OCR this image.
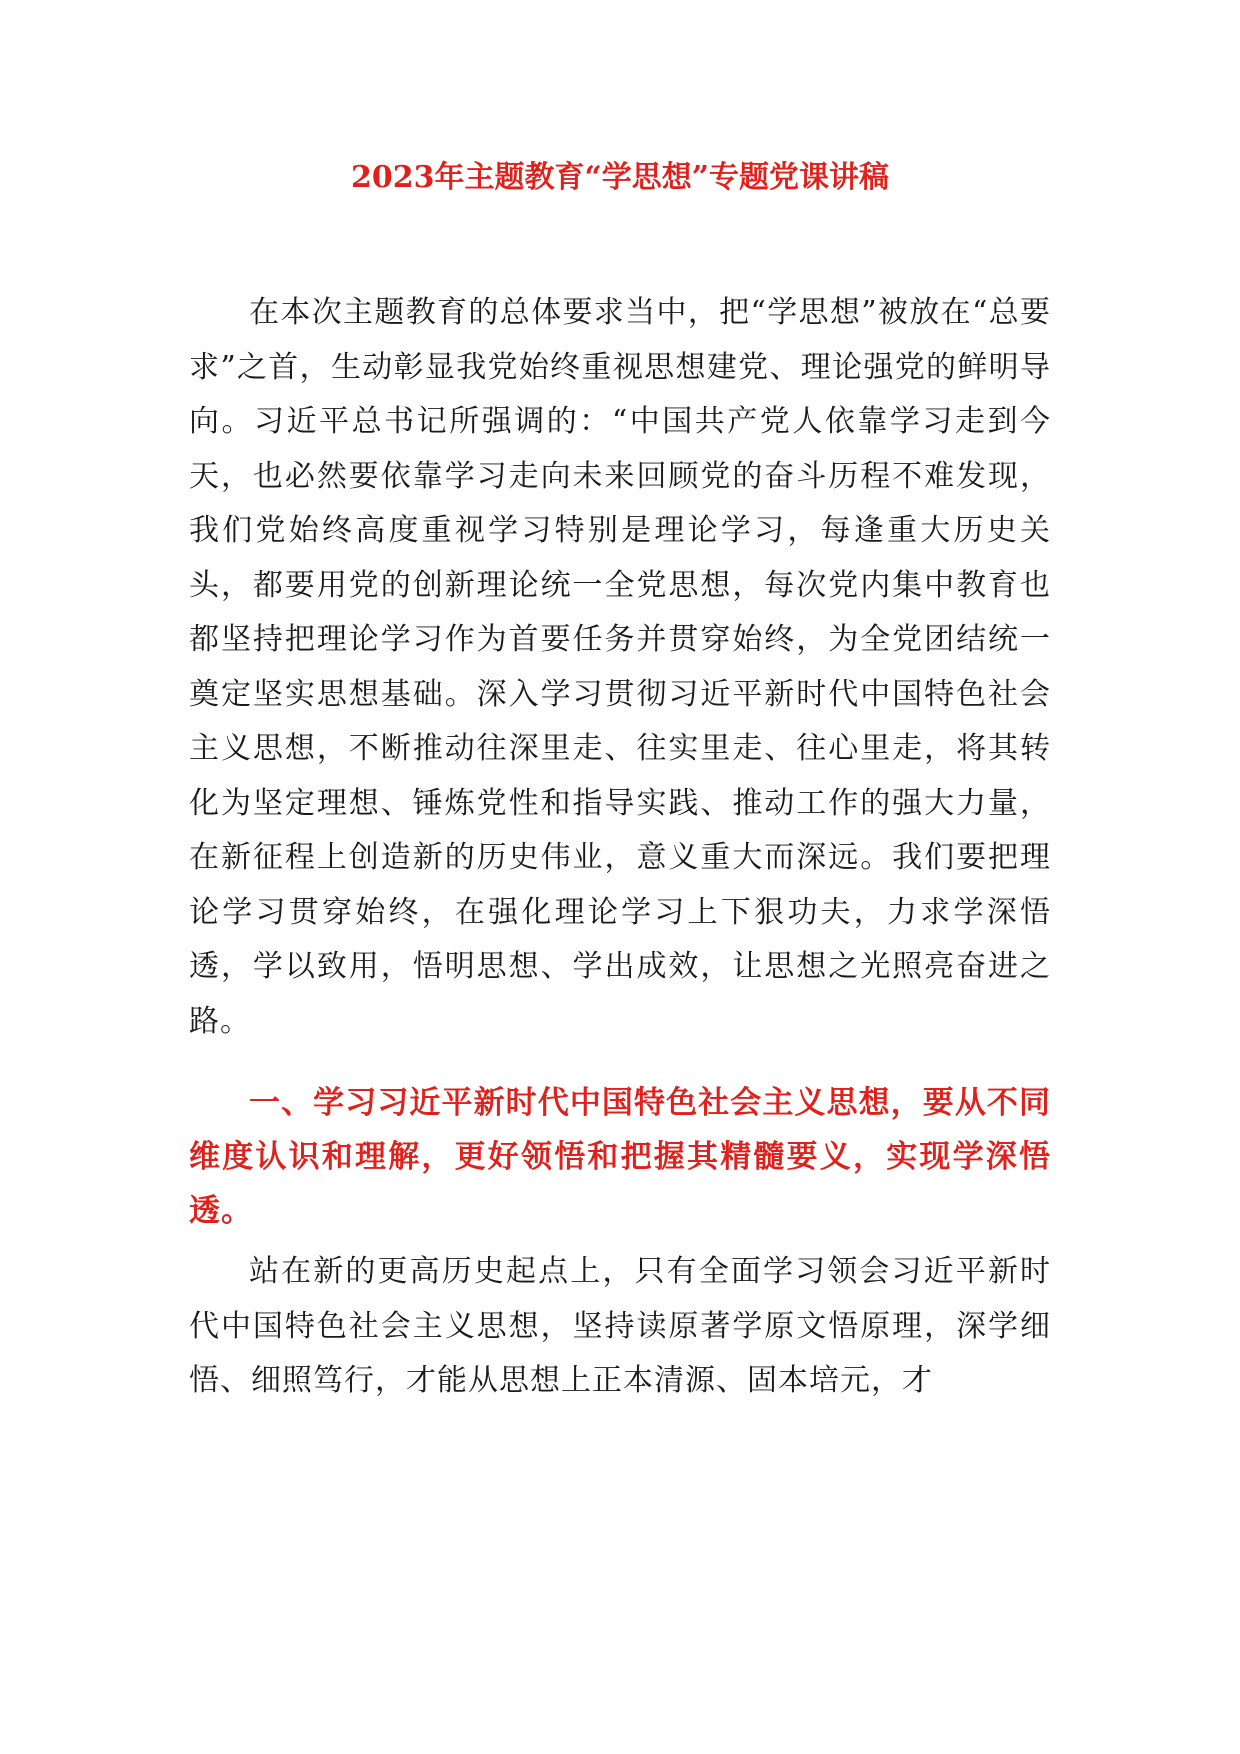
2023年主题教育“学思想”专题党课讲稿

在本次主题教育的总体要求当中，把“学思想”被放在“总要求”之首，生动彰显我党始终重视思想建党、理论强党的鲜明导向。习近平总书记所强调的：“中国共产党人依靠学习走到今天，也必然要依靠学习走向未来回顾党的奋斗历程不难发现，我们党始终高度重视学习特别是理论学习，每逢重大历史关头，都要用党的创新理论统一全党思想，每次党内集中教育也都坚持把理论学习作为首要任务并贯穿始终，为全党团结统一奠定坚实思想基础。深入学习贯彻习近平新时代中国特色社会主义思想，不断推动往深里走、往实里走、往心里走，将其转化为坚定理想、锤炼党性和指导实践、推动工作的强大力量，在新征程上创造新的历史伟业，意义重大而深远。我们要把理论学习贯穿始终，在强化理论学习上下狠功夫，力求学深悟透，学以致用，悟明思想、学出成效，让思想之光照亮奋进之路。

一、学习习近平新时代中国特色社会主义思想，要从不同维度认识和理解，更好领悟和把握其精髓要义，实现学深悟透。

站在新的更高历史起点上，只有全面学习领会习近平新时代中国特色社会主义思想，坚持读原著学原文悟原理，深学细悟、细照笃行，才能从思想上正本清源、固本培元，才
